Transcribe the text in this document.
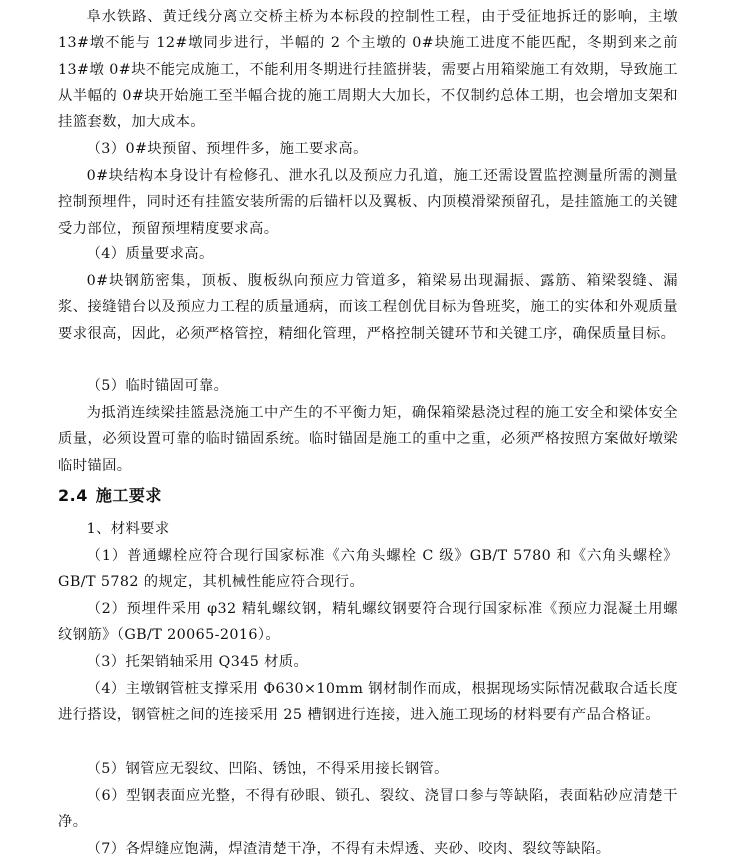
阜水铁路、黄迁线分离立交桥主桥为本标段的控制性工程，由于受征地拆迁的影响，主墩 13#墩不能与 12#墩同步进行，半幅的 2 个主墩的 0#块施工进度不能匹配，冬期到来之前 13#墩 0#块不能完成施工，不能利用冬期进行挂篮拼装，需要占用箱梁施工有效期，导致施工从半幅的 0#块开始施工至半幅合拢的施工周期大大加长，不仅制约总体工期，也会增加支架和挂篮套数，加大成本。

（3）0#块预留、预埋件多，施工要求高。

0#块结构本身设计有检修孔、泄水孔以及预应力孔道，施工还需设置监控测量所需的测量控制预埋件，同时还有挂篮安装所需的后锚杆以及翼板、内顶模滑梁预留孔，是挂篮施工的关键受力部位，预留预埋精度要求高。

（4）质量要求高。

0#块钢筋密集，顶板、腹板纵向预应力管道多，箱梁易出现漏振、露筋、箱梁裂缝、漏浆、接缝错台以及预应力工程的质量通病，而该工程创优目标为鲁班奖，施工的实体和外观质量要求很高，因此，必须严格管控，精细化管理，严格控制关键环节和关键工序，确保质量目标。

（5）临时锚固可靠。

为抵消连续梁挂篮悬浇施工中产生的不平衡力矩，确保箱梁悬浇过程的施工安全和梁体安全质量，必须设置可靠的临时锚固系统。临时锚固是施工的重中之重，必须严格按照方案做好墩梁临时锚固。

2.4 施工要求

1、材料要求

（1）普通螺栓应符合现行国家标准《六角头螺栓 C 级》GB/T 5780 和《六角头螺栓》GB/T 5782 的规定，其机械性能应符合现行。

（2）预埋件采用 φ32 精轧螺纹钢，精轧螺纹钢要符合现行国家标准《预应力混凝土用螺纹钢筋》（GB/T 20065-2016）。

（3）托架销轴采用 Q345 材质。

（4）主墩钢管桩支撑采用 Φ630×10mm 钢材制作而成，根据现场实际情况截取合适长度进行搭设，钢管桩之间的连接采用 25 槽钢进行连接，进入施工现场的材料要有产品合格证。

（5）钢管应无裂纹、凹陷、锈蚀，不得采用接长钢管。

（6）型钢表面应光整，不得有砂眼、锁孔、裂纹、浇冒口参与等缺陷，表面粘砂应清楚干净。

（7）各焊缝应饱满，焊渣清楚干净，不得有未焊透、夹砂、咬肉、裂纹等缺陷。
